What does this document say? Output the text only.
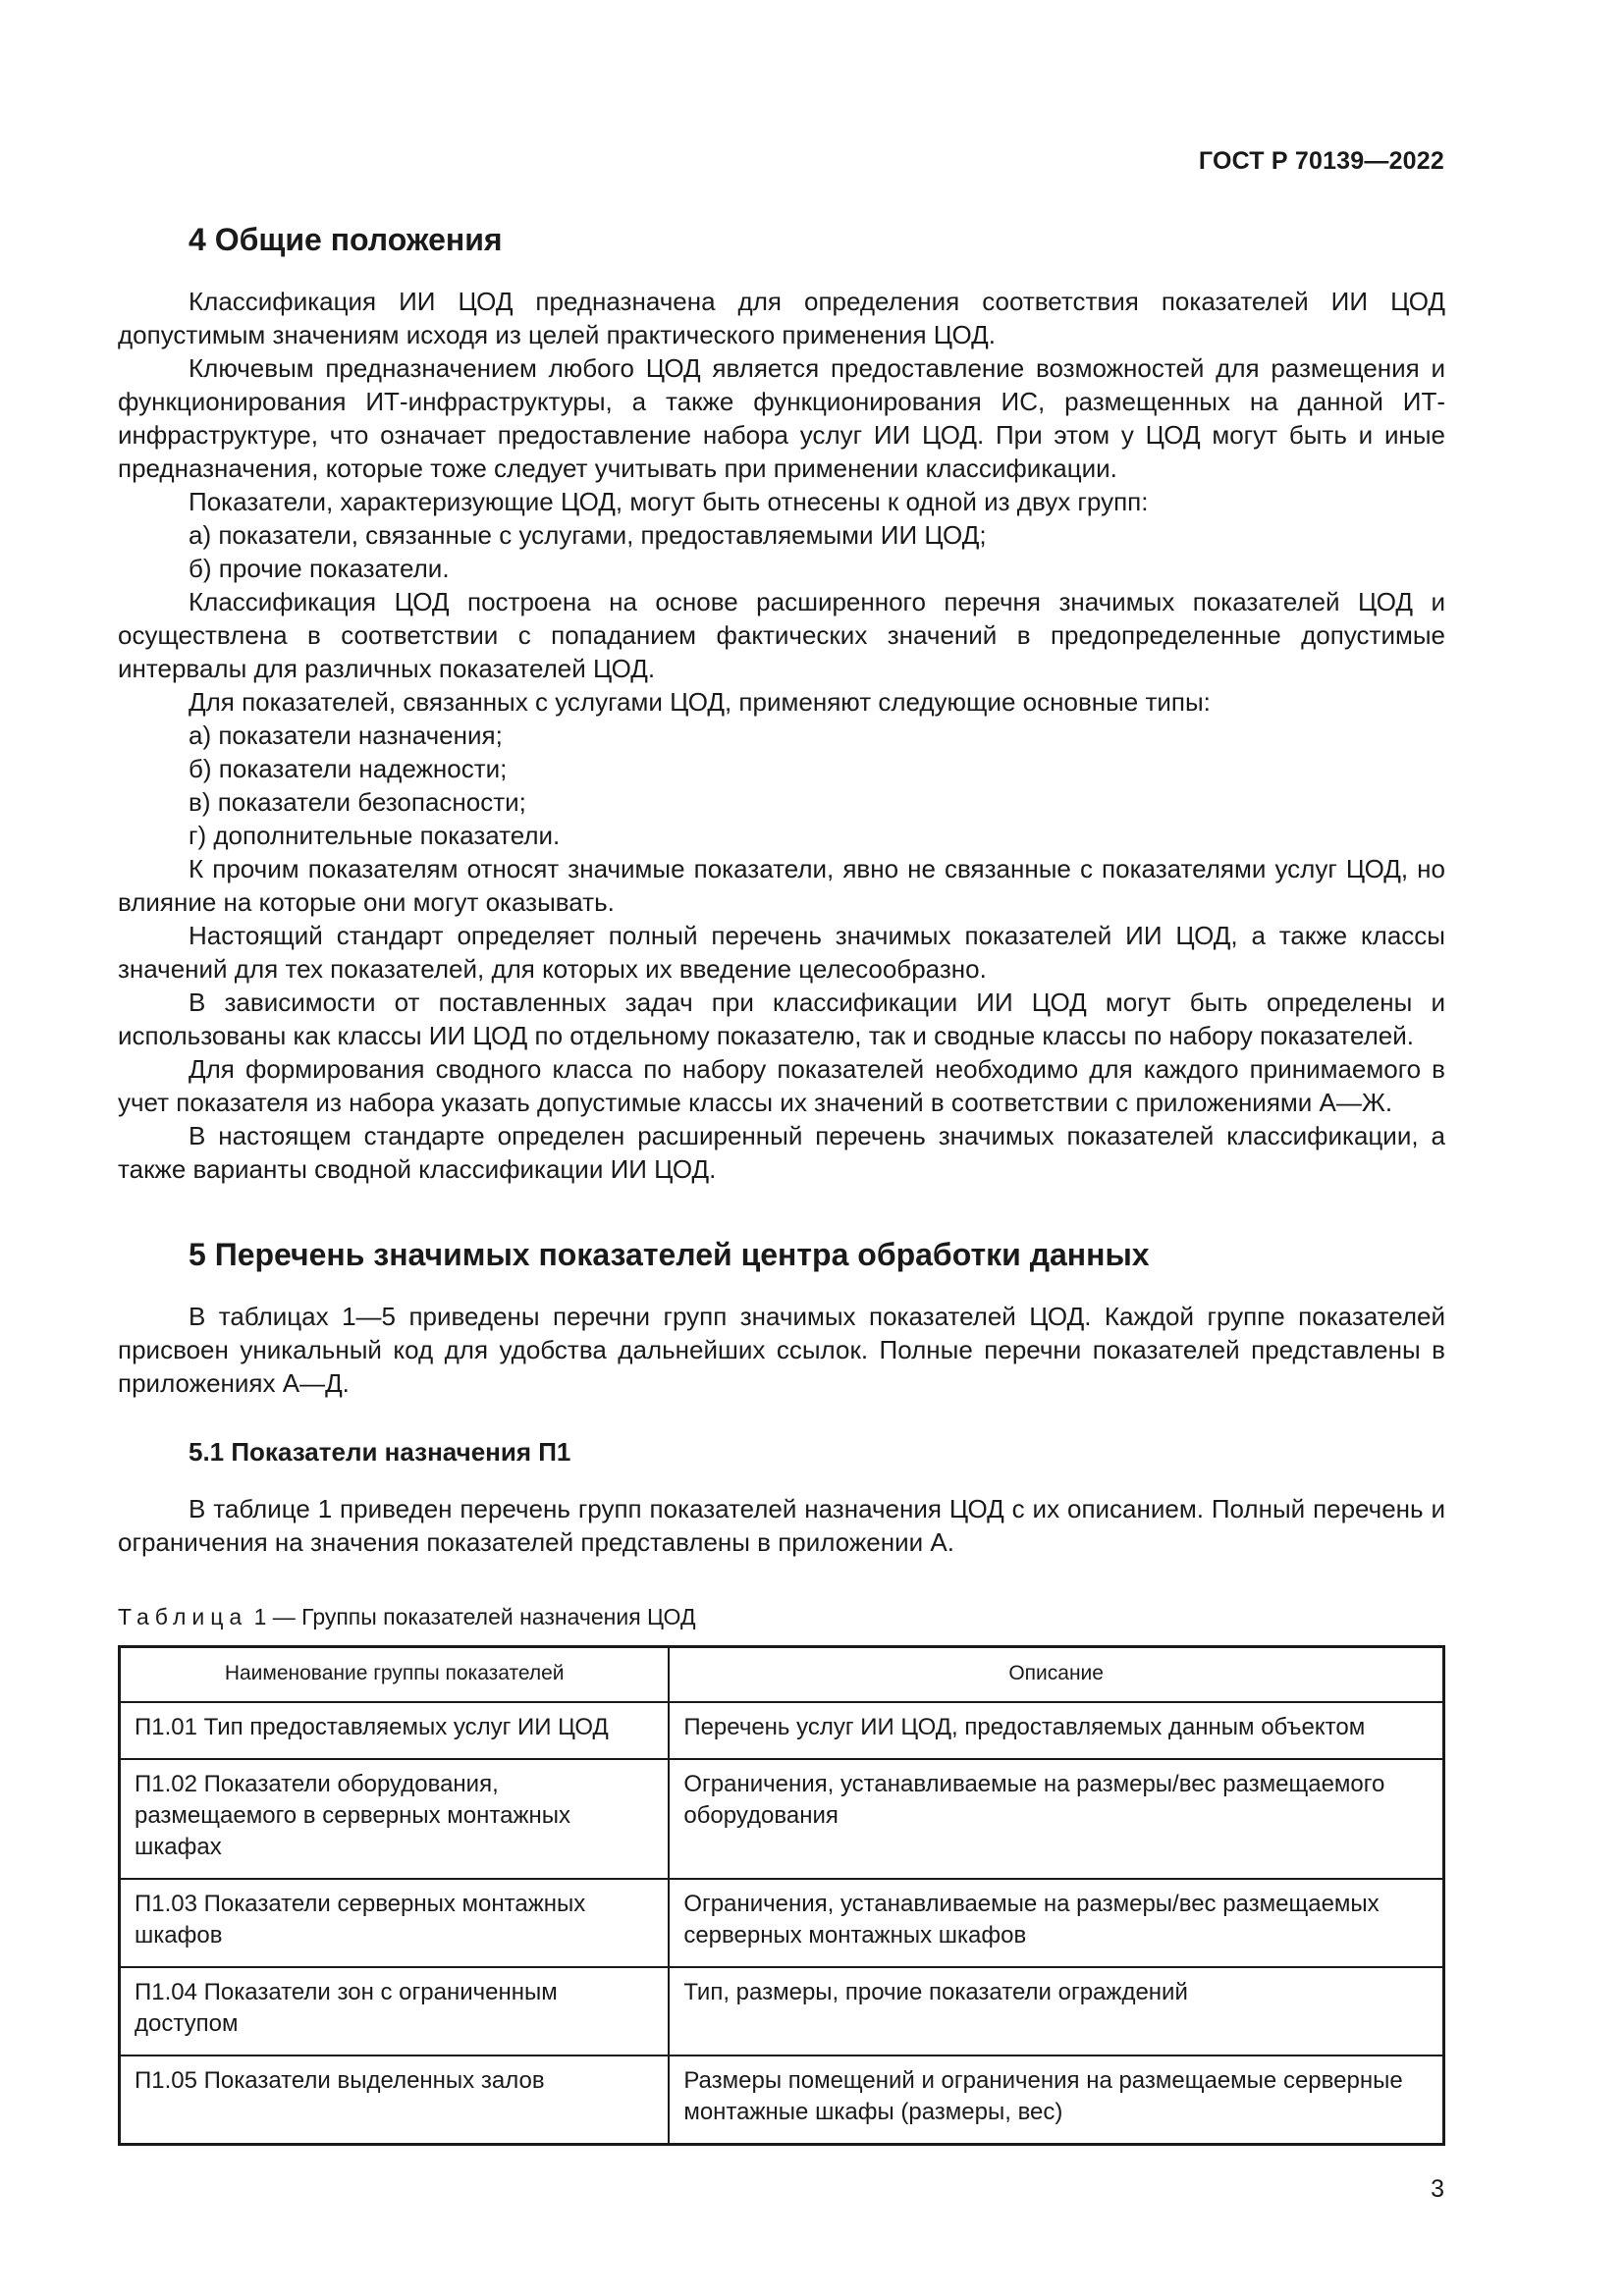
ГОСТ Р 70139—2022
4 Общие положения

Классификация ИИ ЦОД предназначена для определения соответствия показателей ИИ ЦОД допустимым значениям исходя из целей практического применения ЦОД.

Ключевым предназначением любого ЦОД является предоставление возможностей для размещения и функционирования ИТ-инфраструктуры, а также функционирования ИС, размещенных на данной ИТ-инфраструктуре, что означает предоставление набора услуг ИИ ЦОД. При этом у ЦОД могут быть и иные предназначения, которые тоже следует учитывать при применении классификации.

Показатели, характеризующие ЦОД, могут быть отнесены к одной из двух групп:

а) показатели, связанные с услугами, предоставляемыми ИИ ЦОД;

б) прочие показатели.

Классификация ЦОД построена на основе расширенного перечня значимых показателей ЦОД и осуществлена в соответствии с попаданием фактических значений в предопределенные допустимые интервалы для различных показателей ЦОД.

Для показателей, связанных с услугами ЦОД, применяют следующие основные типы:

а) показатели назначения;

б) показатели надежности;

в) показатели безопасности;

г) дополнительные показатели.

К прочим показателям относят значимые показатели, явно не связанные с показателями услуг ЦОД, но влияние на которые они могут оказывать.

Настоящий стандарт определяет полный перечень значимых показателей ИИ ЦОД, а также классы значений для тех показателей, для которых их введение целесообразно.

В зависимости от поставленных задач при классификации ИИ ЦОД могут быть определены и использованы как классы ИИ ЦОД по отдельному показателю, так и сводные классы по набору показателей.

Для формирования сводного класса по набору показателей необходимо для каждого принимаемого в учет показателя из набора указать допустимые классы их значений в соответствии с приложениями А—Ж.

В настоящем стандарте определен расширенный перечень значимых показателей классификации, а также варианты сводной классификации ИИ ЦОД.

5 Перечень значимых показателей центра обработки данных

В таблицах 1—5 приведены перечни групп значимых показателей ЦОД. Каждой группе показателей присвоен уникальный код для удобства дальнейших ссылок. Полные перечни показателей представлены в приложениях А—Д.

5.1 Показатели назначения П1

В таблице 1 приведен перечень групп показателей назначения ЦОД с их описанием. Полный перечень и ограничения на значения показателей представлены в приложении А.

Таблица 1 — Группы показателей назначения ЦОД
Наименование группы показателей	Описание
П1.01 Тип предоставляемых услуг ИИ ЦОД	Перечень услуг ИИ ЦОД, предоставляемых данным объектом
П1.02 Показатели оборудования, размещаемого в серверных монтажных шкафах	Ограничения, устанавливаемые на размеры/вес размещаемого оборудования
П1.03 Показатели серверных монтажных шкафов	Ограничения, устанавливаемые на размеры/вес размещаемых серверных монтажных шкафов
П1.04 Показатели зон с ограниченным доступом	Тип, размеры, прочие показатели ограждений
П1.05 Показатели выделенных залов	Размеры помещений и ограничения на размещаемые серверные монтажные шкафы (размеры, вес)
3
